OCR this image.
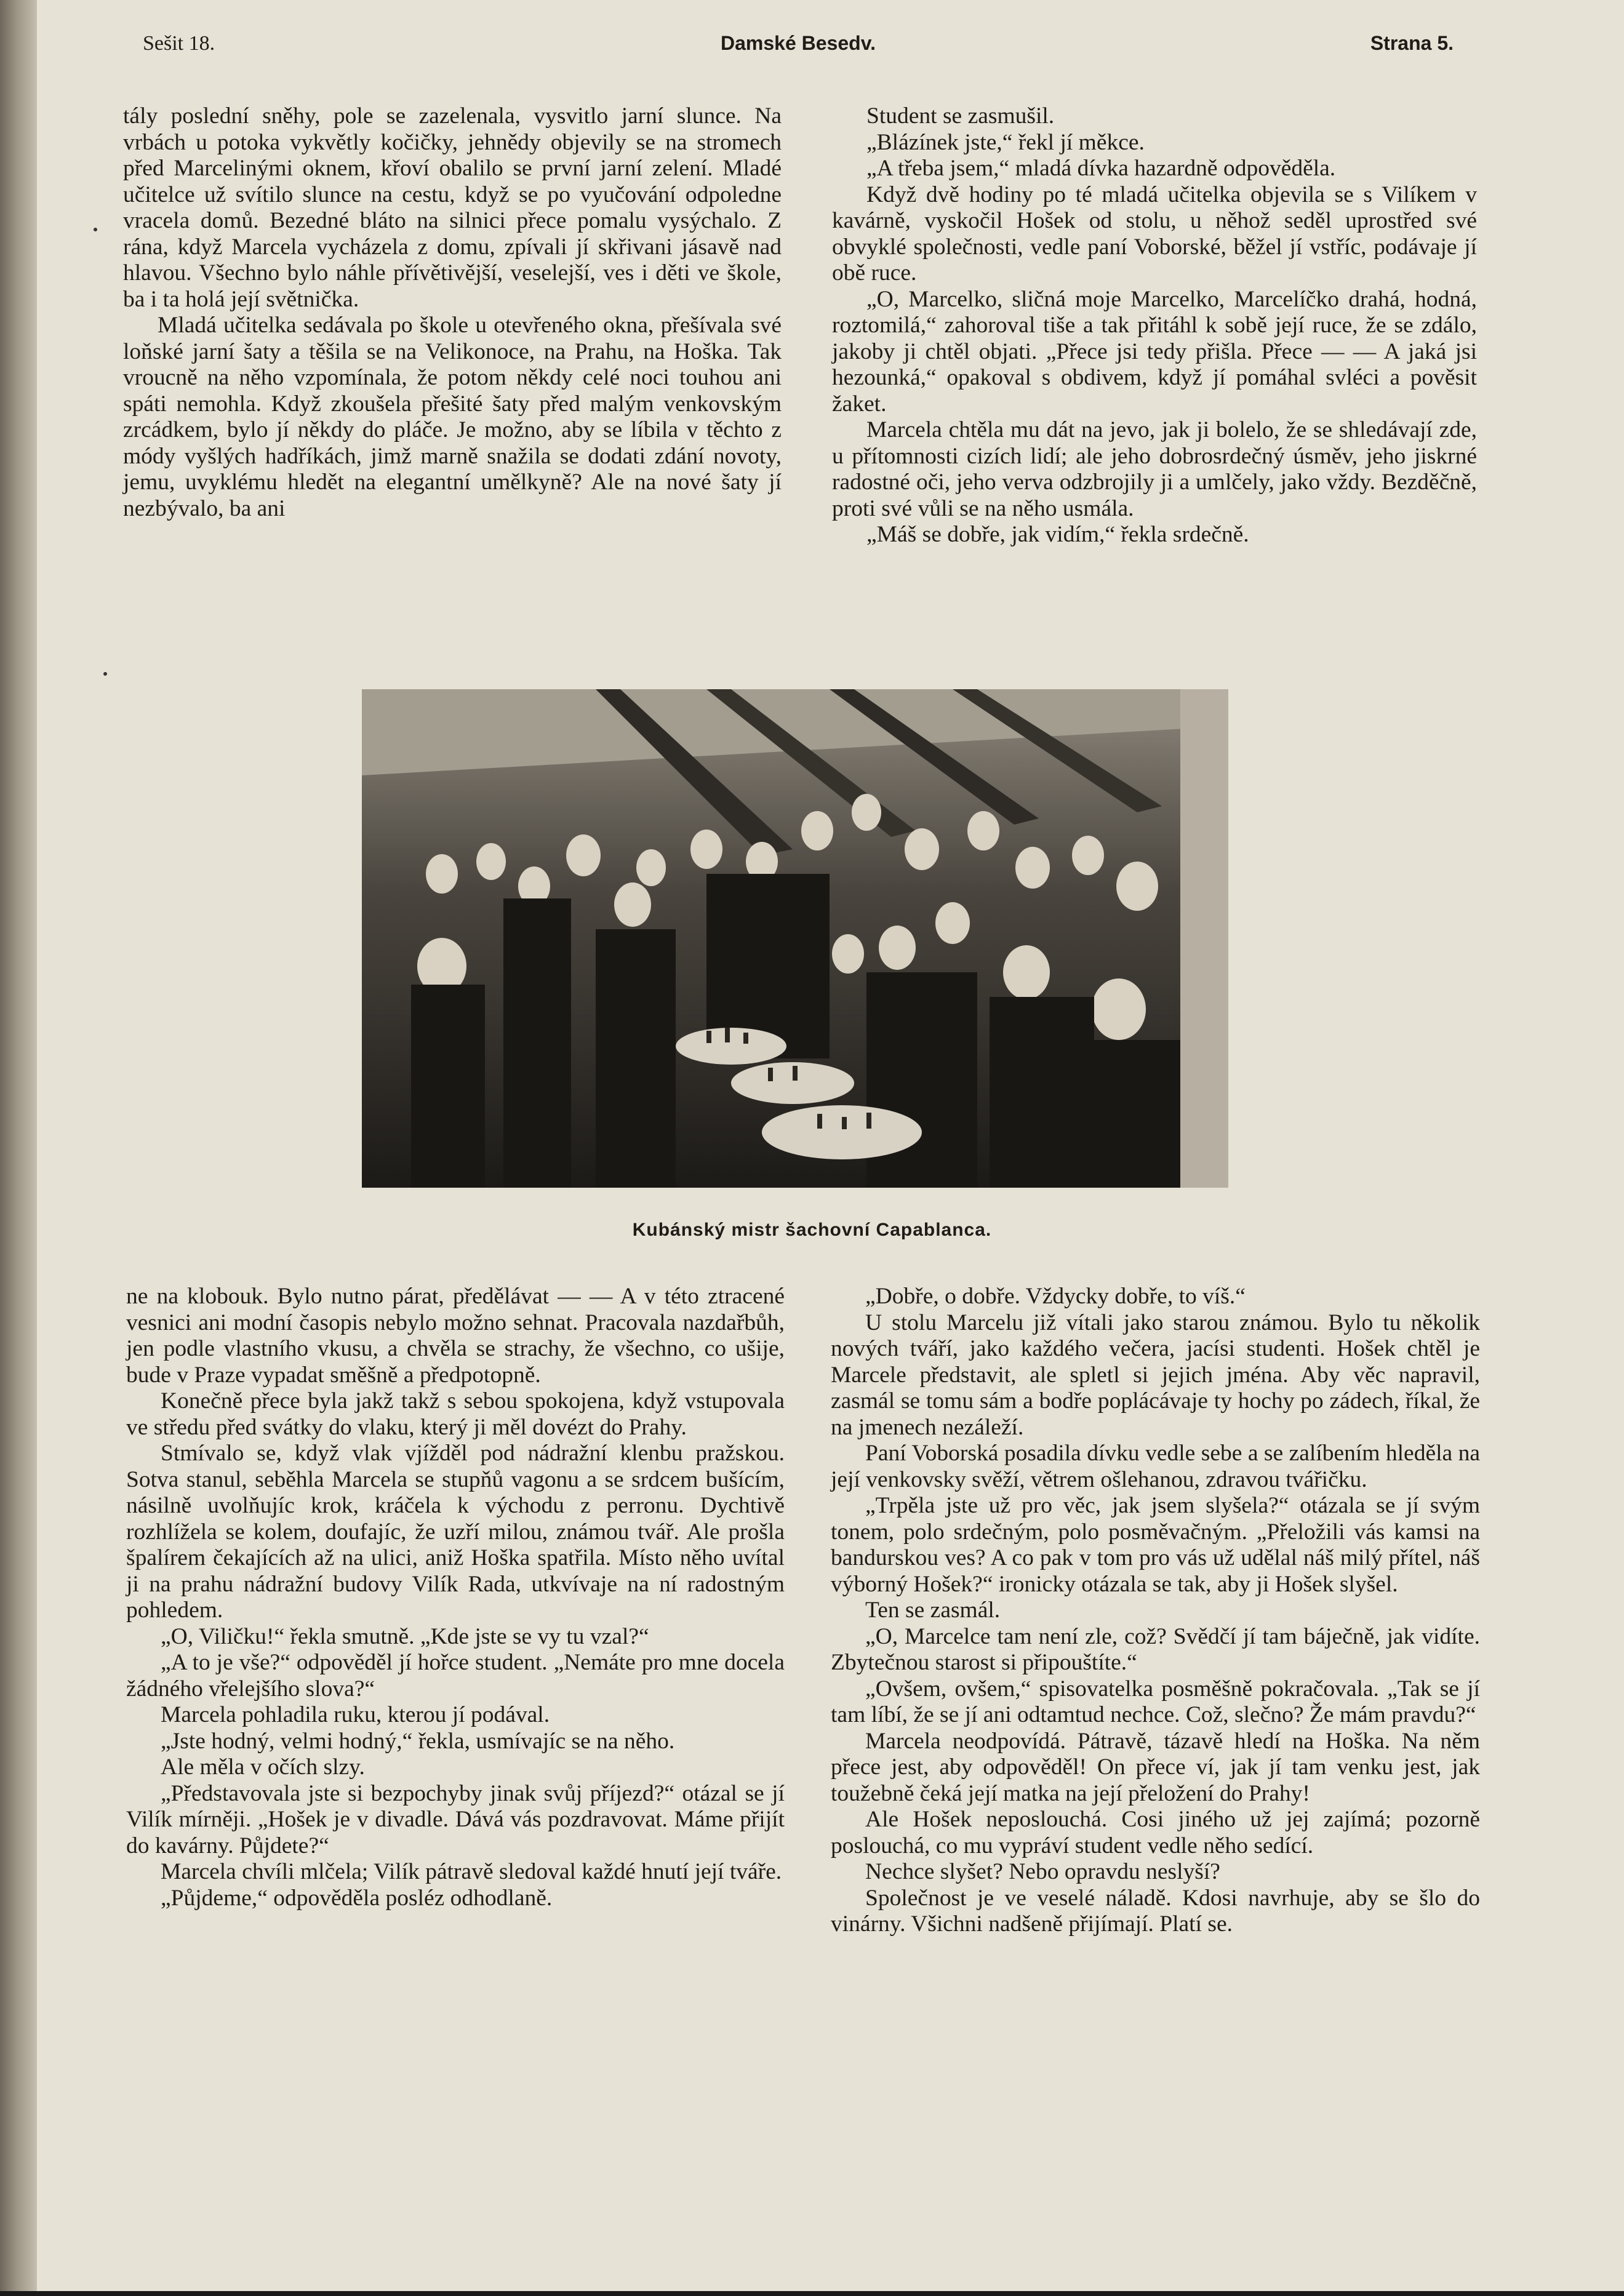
Sešit 18.	Damské Besedv.	Strana 5.

tály poslední sněhy, pole se zazelenala, vysvitlo jarní slunce. Na vrbách u potoka vykvětly kočičky, jehnědy objevily se na stromech před Marcelinými oknem, křoví obalilo se první jarní zelení. Mladé učitelce už svítilo slunce na cestu, když se po vyučování odpoledne vracela domů. Bezedné bláto na silnici přece pomalu vysýchalo. Z rána, když Marcela vycházela z domu, zpívali jí skřivani jásavě nad hlavou. Všechno bylo náhle přívětivější, veselejší, ves i děti ve škole, ba i ta holá její světnička.

Mladá učitelka sedávala po škole u otevřeného okna, přešívala své loňské jarní šaty a těšila se na Velikonoce, na Prahu, na Hoška. Tak vroucně na něho vzpomínala, že potom někdy celé noci touhou ani spáti nemohla. Když zkoušela přešité šaty před malým venkovským zrcádkem, bylo jí někdy do pláče. Je možno, aby se líbila v těchto z módy vyšlých hadříkách, jimž marně snažila se dodati zdání novoty, jemu, uvyklému hledět na elegantní umělkyně? Ale na nové šaty jí nezbývalo, ba ani

Student se zasmušil.

„Blázínek jste,“ řekl jí měkce.

„A třeba jsem,“ mladá dívka hazardně odpověděla.

Když dvě hodiny po té mladá učitelka objevila se s Vilíkem v kavárně, vyskočil Hošek od stolu, u něhož seděl uprostřed své obvyklé společnosti, vedle paní Voborské, běžel jí vstříc, podávaje jí obě ruce.

„O, Marcelko, sličná moje Marcelko, Marcelíčko drahá, hodná, roztomilá,“ zahoroval tiše a tak přitáhl k sobě její ruce, že se zdálo, jakoby ji chtěl objati. „Přece jsi tedy přišla. Přece — — A jaká jsi hezounká,“ opakoval s obdivem, když jí pomáhal svléci a pověsit žaket.

Marcela chtěla mu dát na jevo, jak ji bolelo, že se shledávají zde, u přítomnosti cizích lidí; ale jeho dobrosrdečný úsměv, jeho jiskrné radostné oči, jeho verva odzbrojily ji a umlčely, jako vždy. Bezděčně, proti své vůli se na něho usmála.

„Máš se dobře, jak vidím,“ řekla srdečně.

Kubánský mistr šachovní Capablanca.

ne na klobouk. Bylo nutno párat, předělávat — — A v této ztracené vesnici ani modní časopis nebylo možno sehnat. Pracovala nazdařbůh, jen podle vlastního vkusu, a chvěla se strachy, že všechno, co ušije, bude v Praze vypadat směšně a předpotopně.

Konečně přece byla jakž takž s sebou spokojena, když vstupovala ve středu před svátky do vlaku, který ji měl dovézt do Prahy.

Stmívalo se, když vlak vjížděl pod nádražní klenbu pražskou. Sotva stanul, seběhla Marcela se stupňů vagonu a se srdcem bušícím, násilně uvolňujíc krok, kráčela k východu z perronu. Dychtivě rozhlížela se kolem, doufajíc, že uzří milou, známou tvář. Ale prošla špalírem čekajících až na ulici, aniž Hoška spatřila. Místo něho uvítal ji na prahu nádražní budovy Vilík Rada, utkvívaje na ní radostným pohledem.

„O, Viličku!“ řekla smutně. „Kde jste se vy tu vzal?“

„A to je vše?“ odpověděl jí hořce student. „Nemáte pro mne docela žádného vřelejšího slova?“

Marcela pohladila ruku, kterou jí podával.

„Jste hodný, velmi hodný,“ řekla, usmívajíc se na něho.

Ale měla v očích slzy.

„Představovala jste si bezpochyby jinak svůj příjezd?“ otázal se jí Vilík mírněji. „Hošek je v divadle. Dává vás pozdravovat. Máme přijít do kavárny. Půjdete?“

Marcela chvíli mlčela; Vilík pátravě sledoval každé hnutí její tváře.

„Půjdeme,“ odpověděla posléz odhodlaně.

„Dobře, o dobře. Vždycky dobře, to víš.“

U stolu Marcelu již vítali jako starou známou. Bylo tu několik nových tváří, jako každého večera, jacísi studenti. Hošek chtěl je Marcele představit, ale spletl si jejich jména. Aby věc napravil, zasmál se tomu sám a bodře poplácávaje ty hochy po zádech, říkal, že na jmenech nezáleží.

Paní Voborská posadila dívku vedle sebe a se zalíbením hleděla na její venkovsky svěží, větrem ošlehanou, zdravou tvářičku.

„Trpěla jste už pro věc, jak jsem slyšela?“ otázala se jí svým tonem, polo srdečným, polo posměvačným. „Přeložili vás kamsi na bandurskou ves? A co pak v tom pro vás už udělal náš milý přítel, náš výborný Hošek?“ ironicky otázala se tak, aby ji Hošek slyšel.

Ten se zasmál.

„O, Marcelce tam není zle, což? Svědčí jí tam báječně, jak vidíte. Zbytečnou starost si připouštíte.“

„Ovšem, ovšem,“ spisovatelka posměšně pokračovala. „Tak se jí tam líbí, že se jí ani odtamtud nechce. Což, slečno? Že mám pravdu?“

Marcela neodpovídá. Pátravě, tázavě hledí na Hoška. Na něm přece jest, aby odpověděl! On přece ví, jak jí tam venku jest, jak toužebně čeká její matka na její přeložení do Prahy!

Ale Hošek neposlouchá. Cosi jiného už jej zajímá; pozorně poslouchá, co mu vypráví student vedle něho sedící.

Nechce slyšet? Nebo opravdu neslyší?

Společnost je ve veselé náladě. Kdosi navrhuje, aby se šlo do vinárny. Všichni nadšeně přijímají. Platí se.
